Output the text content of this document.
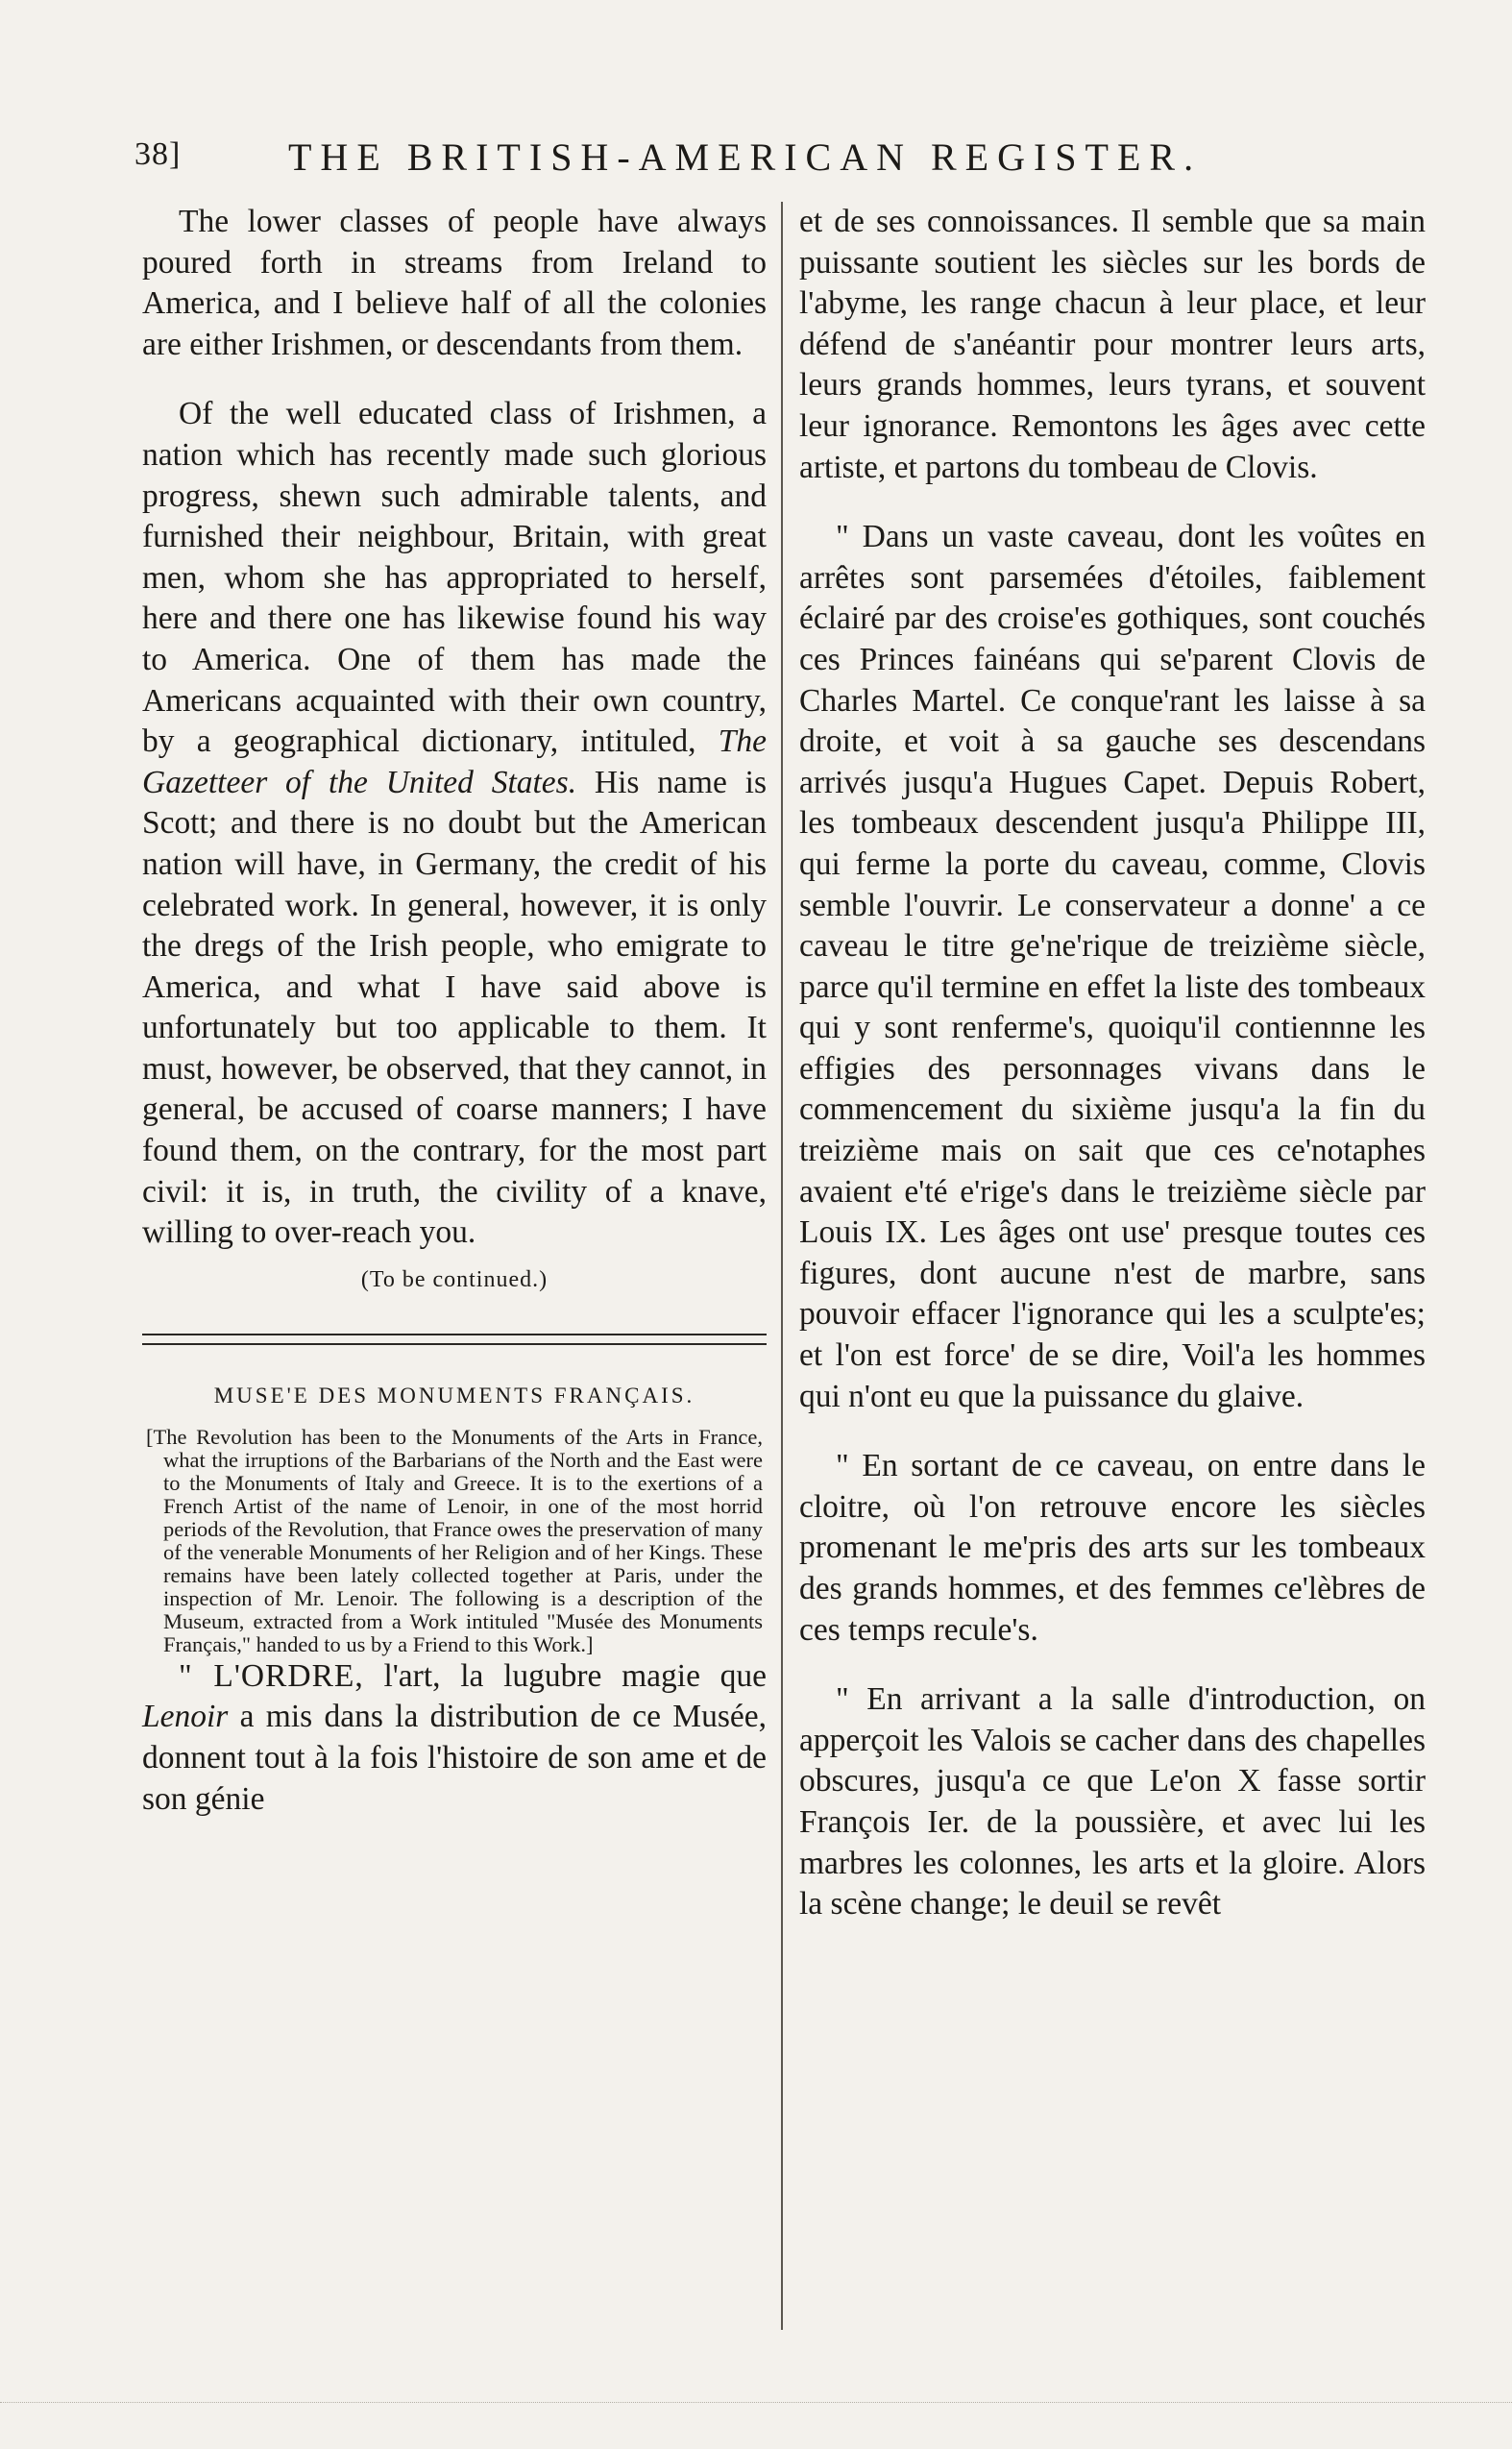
38]	THE BRITISH-AMERICAN REGISTER.

The lower classes of people have always poured forth in streams from Ireland to America, and I believe half of all the colonies are either Irishmen, or descendants from them.

Of the well educated class of Irishmen, a nation which has recently made such glorious progress, shewn such admirable talents, and furnished their neighbour, Britain, with great men, whom she has appropriated to herself, here and there one has likewise found his way to America. One of them has made the Americans acquainted with their own country, by a geographical dictionary, intituled, The Gazetteer of the United States. His name is Scott; and there is no doubt but the American nation will have, in Germany, the credit of his celebrated work. In general, however, it is only the dregs of the Irish people, who emigrate to America, and what I have said above is unfortunately but too applicable to them. It must, however, be observed, that they cannot, in general, be accused of coarse manners; I have found them, on the contrary, for the most part civil: it is, in truth, the civility of a knave, willing to over-reach you.

(To be continued.)
MUSE'E DES MONUMENTS FRANÇAIS.
[The Revolution has been to the Monuments of the Arts in France, what the irruptions of the Barbarians of the North and the East were to the Monuments of Italy and Greece. It is to the exertions of a French Artist of the name of Lenoir, in one of the most horrid periods of the Revolution, that France owes the preservation of many of the venerable Monuments of her Religion and of her Kings. These remains have been lately collected together at Paris, under the inspection of Mr. Lenoir. The following is a description of the Museum, extracted from a Work intituled "Musée des Monuments Français," handed to us by a Friend to this Work.]

" L'ORDRE, l'art, la lugubre magie que Lenoir a mis dans la distribution de ce Musée, donnent tout à la fois l'histoire de son ame et de son génie

et de ses connoissances. Il semble que sa main puissante soutient les siècles sur les bords de l'abyme, les range chacun à leur place, et leur défend de s'anéantir pour montrer leurs arts, leurs grands hommes, leurs tyrans, et souvent leur ignorance. Remontons les âges avec cette artiste, et partons du tombeau de Clovis.

" Dans un vaste caveau, dont les voûtes en arrêtes sont parsemées d'étoiles, faiblement éclairé par des croise'es gothiques, sont couchés ces Princes fainéans qui se'parent Clovis de Charles Martel. Ce conque'rant les laisse à sa droite, et voit à sa gauche ses descendans arrivés jusqu'a Hugues Capet. Depuis Robert, les tombeaux descendent jusqu'a Philippe III, qui ferme la porte du caveau, comme, Clovis semble l'ouvrir. Le conservateur a donne' a ce caveau le titre ge'ne'rique de treizième siècle, parce qu'il termine en effet la liste des tombeaux qui y sont renferme's, quoiqu'il contiennne les effigies des personnages vivans dans le commencement du sixième jusqu'a la fin du treizième mais on sait que ces ce'notaphes avaient e'té e'rige's dans le treizième siècle par Louis IX. Les âges ont use' presque toutes ces figures, dont aucune n'est de marbre, sans pouvoir effacer l'ignorance qui les a sculpte'es; et l'on est force' de se dire, Voil'a les hommes qui n'ont eu que la puissance du glaive.

" En sortant de ce caveau, on entre dans le cloitre, où l'on retrouve encore les siècles promenant le me'pris des arts sur les tombeaux des grands hommes, et des femmes ce'lèbres de ces temps recule's.

" En arrivant a la salle d'introduction, on apperçoit les Valois se cacher dans des chapelles obscures, jusqu'a ce que Le'on X fasse sortir François Ier. de la poussière, et avec lui les marbres les colonnes, les arts et la gloire. Alors la scène change; le deuil se revêt
